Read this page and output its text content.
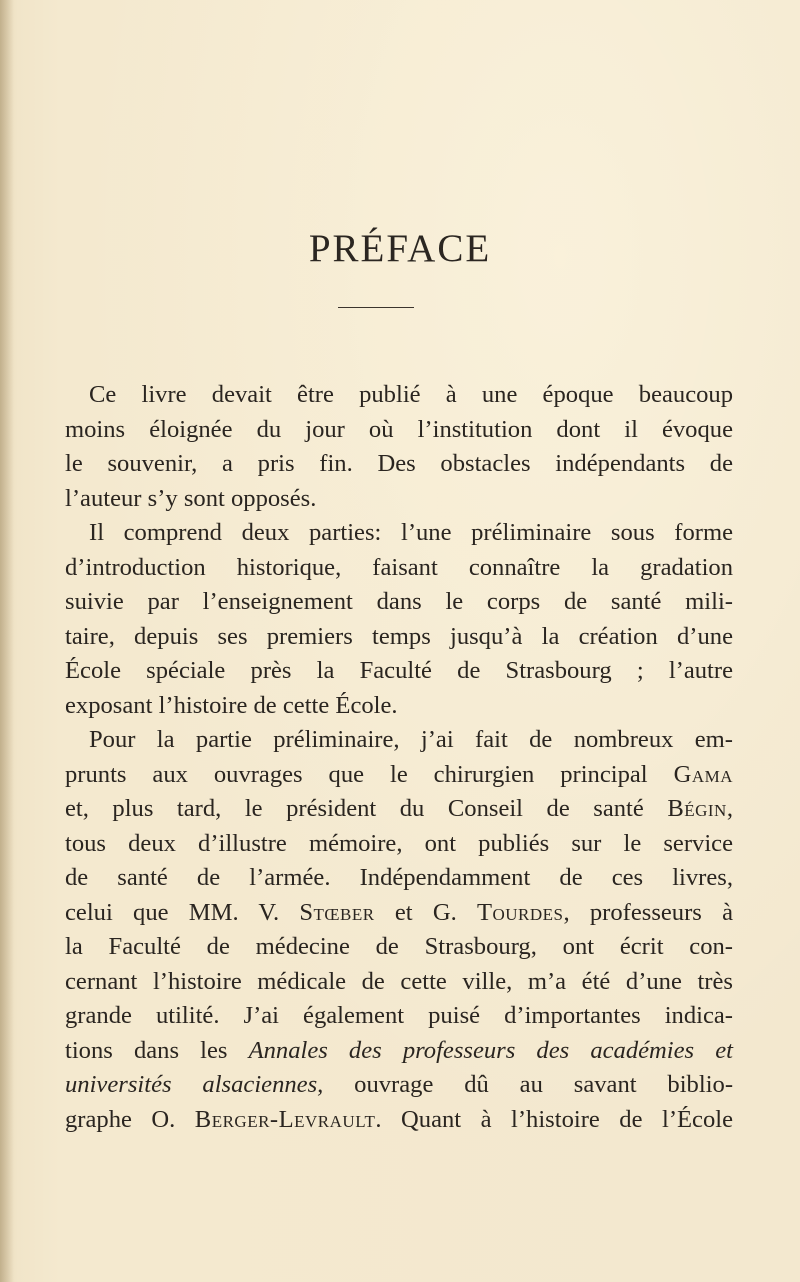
PRÉFACE
Ce livre devait être publié à une époque beaucoup
moins éloignée du jour où l’institution dont il évoque
le souvenir, a pris fin. Des obstacles indépendants de
l’auteur s’y sont opposés.
Il comprend deux parties: l’une préliminaire sous forme
d’introduction historique, faisant connaître la gradation
suivie par l’enseignement dans le corps de santé mili-
taire, depuis ses premiers temps jusqu’à la création d’une
École spéciale près la Faculté de Strasbourg ; l’autre
exposant l’histoire de cette École.
Pour la partie préliminaire, j’ai fait de nombreux em-
prunts aux ouvrages que le chirurgien principal Gama
et, plus tard, le président du Conseil de santé Bégin,
tous deux d’illustre mémoire, ont publiés sur le service
de santé de l’armée. Indépendamment de ces livres,
celui que MM. V. Stœber et G. Tourdes, professeurs à
la Faculté de médecine de Strasbourg, ont écrit con-
cernant l’histoire médicale de cette ville, m’a été d’une très
grande utilité. J’ai également puisé d’importantes indica-
tions dans les Annales des professeurs des académies et
universités alsaciennes, ouvrage dû au savant biblio-
graphe O. Berger-Levrault. Quant à l’histoire de l’École
